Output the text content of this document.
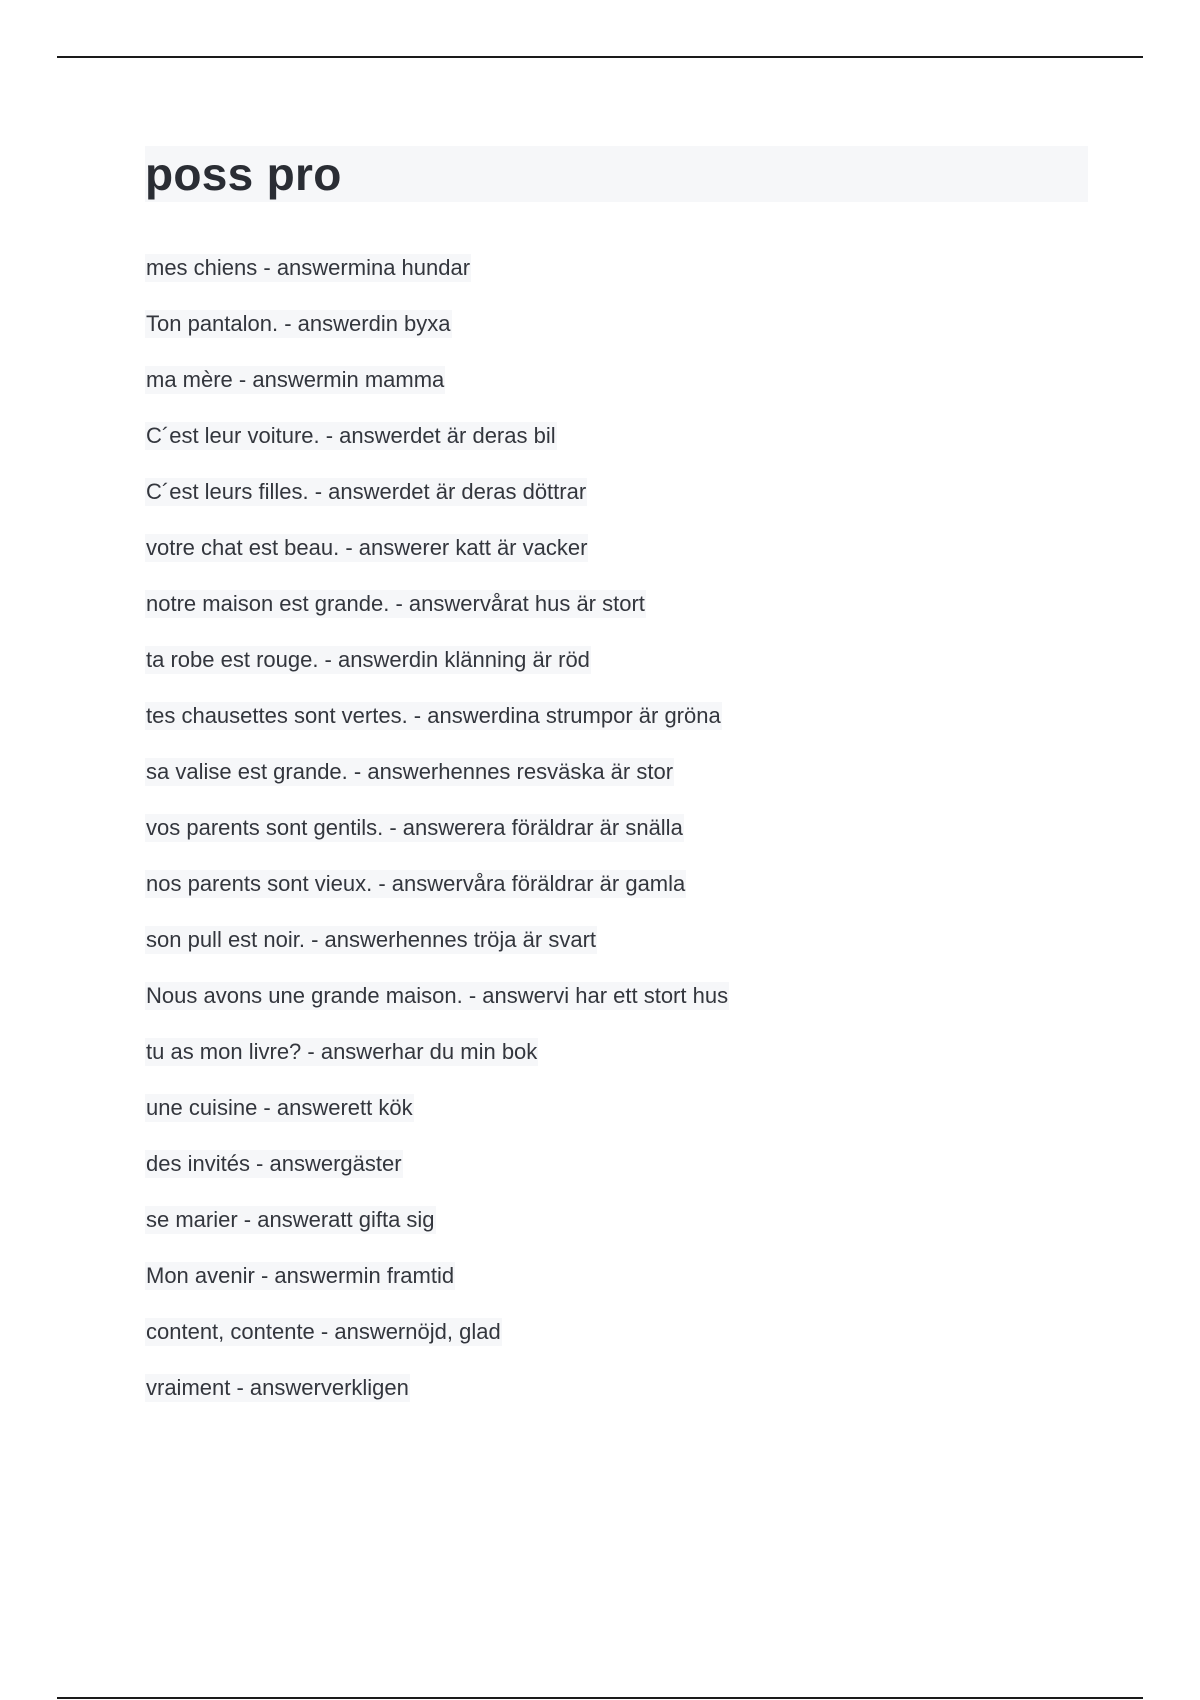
poss pro
mes chiens - answermina hundar
Ton pantalon. - answerdin byxa
ma mère - answermin mamma
C´est leur voiture. - answerdet är deras bil
C´est leurs filles. - answerdet är deras döttrar
votre chat est beau. - answerer katt är vacker
notre maison est grande. - answervårat hus är stort
ta robe est rouge. - answerdin klänning är röd
tes chausettes sont vertes. - answerdina strumpor är gröna
sa valise est grande. - answerhennes resväska är stor
vos parents sont gentils. - answerera föräldrar är snälla
nos parents sont vieux. - answervåra föräldrar är gamla
son pull est noir. - answerhennes tröja är svart
Nous avons une grande maison. - answervi har ett stort hus
tu as mon livre? - answerhar du min bok
une cuisine - answerett kök
des invités - answergäster
se marier - answeratt gifta sig
Mon avenir - answermin framtid
content, contente - answernöjd, glad
vraiment - answerverkligen
